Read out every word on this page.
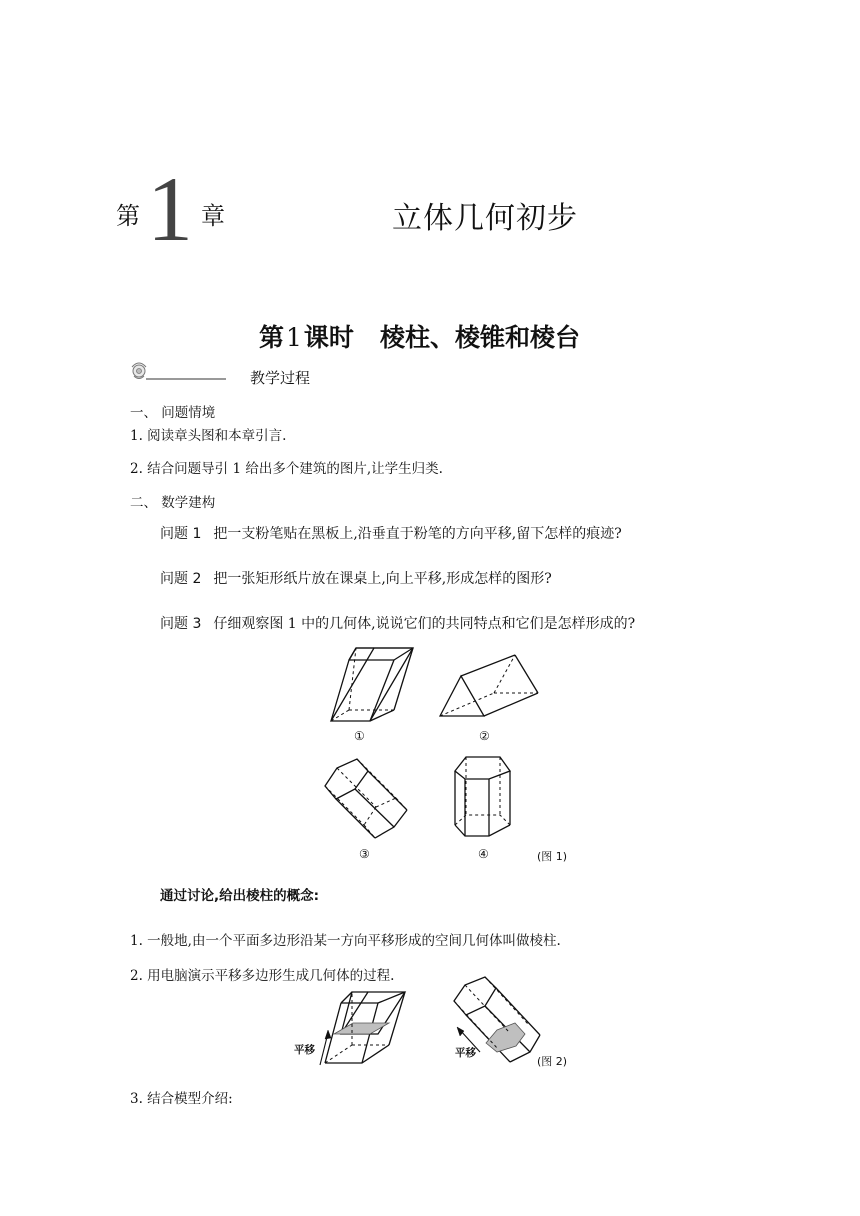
第 1 章	立体几何初步
第1课时 棱柱、棱锥和棱台
教学过程
一、 问题情境
1. 阅读章头图和本章引言.
2. 结合问题导引 1 给出多个建筑的图片,让学生归类.
二、 数学建构
问题 1 把一支粉笔贴在黑板上,沿垂直于粉笔的方向平移,留下怎样的痕迹?
问题 2 把一张矩形纸片放在课桌上,向上平移,形成怎样的图形?
问题 3 仔细观察图 1 中的几何体,说说它们的共同特点和它们是怎样形成的?
①	②
③	④	(图 1)
通过讨论,给出棱柱的概念:
1. 一般地,由一个平面多边形沿某一方向平移形成的空间几何体叫做棱柱.
2. 用电脑演示平移多边形生成几何体的过程.
平移	平移
(图 2)
3. 结合模型介绍:
